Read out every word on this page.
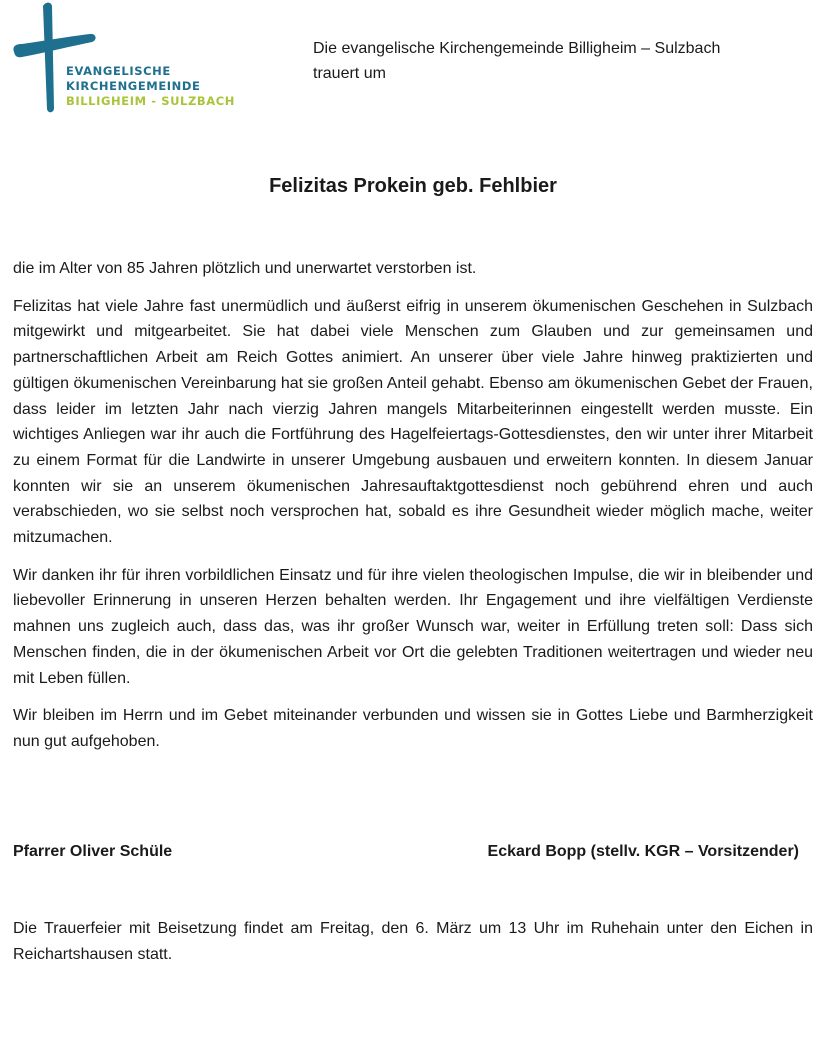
EVANGELISCHE
KIRCHENGEMEINDE
BILLIGHEIM - SULZBACH
Die evangelische Kirchengemeinde Billigheim – Sulzbach
trauert um
Felizitas Prokein geb. Fehlbier

die im Alter von 85 Jahren plötzlich und unerwartet verstorben ist.

Felizitas hat viele Jahre fast unermüdlich und äußerst eifrig in unserem ökumenischen Geschehen in Sulzbach mitgewirkt und mitgearbeitet. Sie hat dabei viele Menschen zum Glauben und zur gemeinsamen und partnerschaftlichen Arbeit am Reich Gottes animiert. An unserer über viele Jahre hinweg praktizierten und gültigen ökumenischen Vereinbarung hat sie großen Anteil gehabt. Ebenso am ökumenischen Gebet der Frauen, dass leider im letzten Jahr nach vierzig Jahren mangels Mitarbeiterinnen eingestellt werden musste. Ein wichtiges Anliegen war ihr auch die Fortführung des Hagelfeiertags-Gottesdienstes, den wir unter ihrer Mitarbeit zu einem Format für die Landwirte in unserer Umgebung ausbauen und erweitern konnten. In diesem Januar konnten wir sie an unserem ökumenischen Jahresauftaktgottesdienst noch gebührend ehren und auch verabschieden, wo sie selbst noch versprochen hat, sobald es ihre Gesundheit wieder möglich mache, weiter mitzumachen.

Wir danken ihr für ihren vorbildlichen Einsatz und für ihre vielen theologischen Impulse, die wir in bleibender und liebevoller Erinnerung in unseren Herzen behalten werden. Ihr Engagement und ihre vielfältigen Verdienste mahnen uns zugleich auch, dass das, was ihr großer Wunsch war, weiter in Erfüllung treten soll: Dass sich Menschen finden, die in der ökumenischen Arbeit vor Ort die gelebten Traditionen weitertragen und wieder neu mit Leben füllen.

Wir bleiben im Herrn und im Gebet miteinander verbunden und wissen sie in Gottes Liebe und Barmherzigkeit nun gut aufgehoben.

Pfarrer Oliver Schüle	Eckard Bopp (stellv. KGR – Vorsitzender)
Die Trauerfeier mit Beisetzung findet am Freitag, den 6. März um 13 Uhr im Ruhehain unter den Eichen in Reichartshausen statt.
